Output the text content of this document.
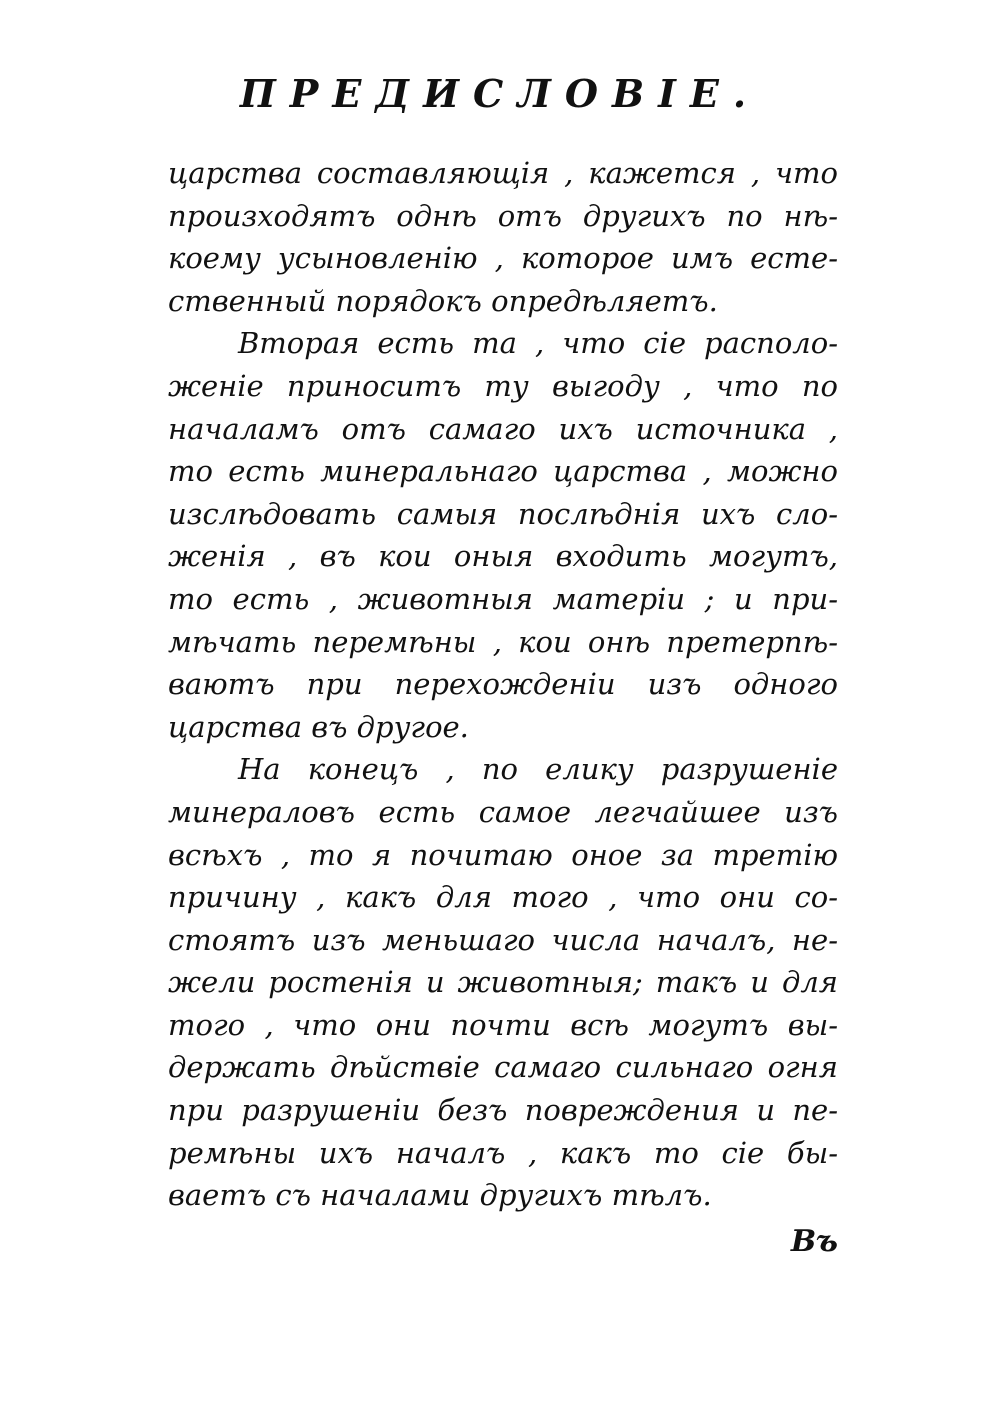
ПРЕДИСЛОВІЕ.
царства составляющія , кажется , что
произходятъ однѣ отъ другихъ по нѣ-
коему усыновленію , которое имъ есте-
ственный порядокъ опредѣляетъ.
Вторая есть та , что сіе располо-
женіе приноситъ ту выгоду , что по
началамъ отъ самаго ихъ источника ,
то есть минеральнаго царства , можно
изслѣдовать самыя послѣднія ихъ сло-
женія , въ кои оныя входить могутъ,
то есть , животныя матеріи ; и при-
мѣчать перемѣны , кои онѣ претерпѣ-
ваютъ при перехожденіи изъ одного
царства въ другое.
На конецъ , по елику разрушеніе
минераловъ есть самое легчайшее изъ
всѣхъ , то я почитаю оное за третію
причину , какъ для того , что они со-
стоятъ изъ меньшаго числа началъ, не-
жели ростенія и животныя; такъ и для
того , что они почти всѣ могутъ вы-
держать дѣйствіе самаго сильнаго огня
при разрушеніи безъ повреждения и пе-
ремѣны ихъ началъ , какъ то сіе бы-
ваетъ съ началами другихъ тѣлъ.
Въ
